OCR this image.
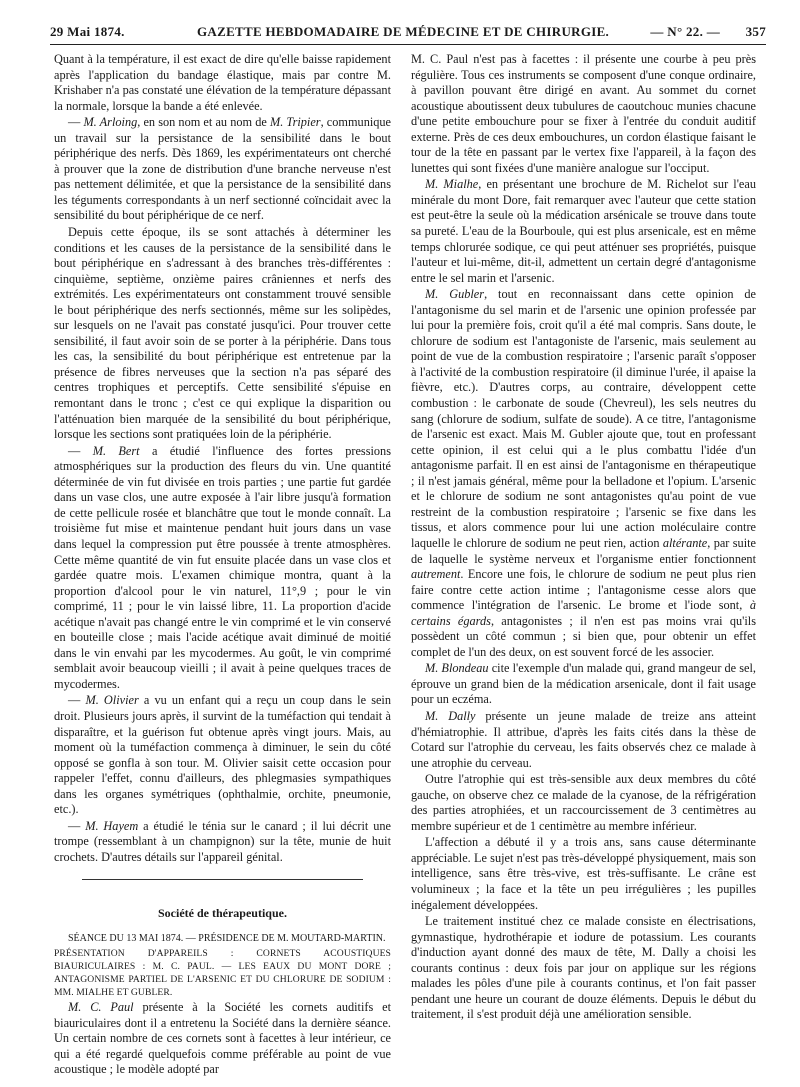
29 Mai 1874.	GAZETTE HEBDOMADAIRE DE MÉDECINE ET DE CHIRURGIE.	— N° 22. — 357

Quant à la température, il est exact de dire qu'elle baisse rapidement après l'application du bandage élastique, mais par contre M. Krishaber n'a pas constaté une élévation de la température dépassant la normale, lorsque la bande a été enlevée.

— M. Arloing, en son nom et au nom de M. Tripier, communique un travail sur la persistance de la sensibilité dans le bout périphérique des nerfs. Dès 1869, les expérimentateurs ont cherché à prouver que la zone de distribution d'une branche nerveuse n'est pas nettement délimitée, et que la persistance de la sensibilité dans les téguments correspondants à un nerf sectionné coïncidait avec la sensibilité du bout périphérique de ce nerf.

Depuis cette époque, ils se sont attachés à déterminer les conditions et les causes de la persistance de la sensibilité dans le bout périphérique en s'adressant à des branches très-différentes : cinquième, septième, onzième paires crâniennes et nerfs des extrémités. Les expérimentateurs ont constamment trouvé sensible le bout périphérique des nerfs sectionnés, même sur les solipèdes, sur lesquels on ne l'avait pas constaté jusqu'ici. Pour trouver cette sensibilité, il faut avoir soin de se porter à la périphérie. Dans tous les cas, la sensibilité du bout périphérique est entretenue par la présence de fibres nerveuses que la section n'a pas séparé des centres trophiques et perceptifs. Cette sensibilité s'épuise en remontant dans le tronc ; c'est ce qui explique la disparition ou l'atténuation bien marquée de la sensibilité du bout périphérique, lorsque les sections sont pratiquées loin de la périphérie.

— M. Bert a étudié l'influence des fortes pressions atmosphériques sur la production des fleurs du vin. Une quantité déterminée de vin fut divisée en trois parties ; une partie fut gardée dans un vase clos, une autre exposée à l'air libre jusqu'à formation de cette pellicule rosée et blanchâtre que tout le monde connaît. La troisième fut mise et maintenue pendant huit jours dans un vase dans lequel la compression put être poussée à trente atmosphères. Cette même quantité de vin fut ensuite placée dans un vase clos et gardée quatre mois. L'examen chimique montra, quant à la proportion d'alcool pour le vin naturel, 11°,9 ; pour le vin comprimé, 11 ; pour le vin laissé libre, 11. La proportion d'acide acétique n'avait pas changé entre le vin comprimé et le vin conservé en bouteille close ; mais l'acide acétique avait diminué de moitié dans le vin envahi par les mycodermes. Au goût, le vin comprimé semblait avoir beaucoup vieilli ; il avait à peine quelques traces de mycodermes.

— M. Olivier a vu un enfant qui a reçu un coup dans le sein droit. Plusieurs jours après, il survint de la tuméfaction qui tendait à disparaître, et la guérison fut obtenue après vingt jours. Mais, au moment où la tuméfaction commença à diminuer, le sein du côté opposé se gonfla à son tour. M. Olivier saisit cette occasion pour rappeler l'effet, connu d'ailleurs, des phlegmasies sympathiques dans les organes symétriques (ophthalmie, orchite, pneumonie, etc.).

— M. Hayem a étudié le ténia sur le canard ; il lui décrit une trompe (ressemblant à un champignon) sur la tête, munie de huit crochets. D'autres détails sur l'appareil génital.

Société de thérapeutique.

SÉANCE DU 13 MAI 1874. — PRÉSIDENCE DE M. MOUTARD-MARTIN.

PRÉSENTATION D'APPAREILS : CORNETS ACOUSTIQUES BIAURICULAIRES : M. C. PAUL. — LES EAUX DU MONT DORE ; ANTAGONISME PARTIEL DE L'ARSENIC ET DU CHLORURE DE SODIUM : MM. MIALHE ET GUBLER.

M. C. Paul présente à la Société les cornets auditifs et biauriculaires dont il a entretenu la Société dans la dernière séance. Un certain nombre de ces cornets sont à facettes à leur intérieur, ce qui a été regardé quelquefois comme préférable au point de vue acoustique ; le modèle adopté par

M. C. Paul n'est pas à facettes : il présente une courbe à peu près régulière. Tous ces instruments se composent d'une conque ordinaire, à pavillon pouvant être dirigé en avant. Au sommet du cornet acoustique aboutissent deux tubulures de caoutchouc munies chacune d'une petite embouchure pour se fixer à l'entrée du conduit auditif externe. Près de ces deux embouchures, un cordon élastique faisant le tour de la tête en passant par le vertex fixe l'appareil, à la façon des lunettes qui sont fixées d'une manière analogue sur l'occiput.

M. Mialhe, en présentant une brochure de M. Richelot sur l'eau minérale du mont Dore, fait remarquer avec l'auteur que cette station est peut-être la seule où la médication arsénicale se trouve dans toute sa pureté. L'eau de la Bourboule, qui est plus arsenicale, est en même temps chlorurée sodique, ce qui peut atténuer ses propriétés, puisque l'auteur et lui-même, dit-il, admettent un certain degré d'antagonisme entre le sel marin et l'arsenic.

M. Gubler, tout en reconnaissant dans cette opinion de l'antagonisme du sel marin et de l'arsenic une opinion professée par lui pour la première fois, croit qu'il a été mal compris. Sans doute, le chlorure de sodium est l'antagoniste de l'arsenic, mais seulement au point de vue de la combustion respiratoire ; l'arsenic paraît s'opposer à l'activité de la combustion respiratoire (il diminue l'urée, il apaise la fièvre, etc.). D'autres corps, au contraire, développent cette combustion : le carbonate de soude (Chevreul), les sels neutres du sang (chlorure de sodium, sulfate de soude). A ce titre, l'antagonisme de l'arsenic est exact. Mais M. Gubler ajoute que, tout en professant cette opinion, il est celui qui a le plus combattu l'idée d'un antagonisme parfait. Il en est ainsi de l'antagonisme en thérapeutique ; il n'est jamais général, même pour la belladone et l'opium. L'arsenic et le chlorure de sodium ne sont antagonistes qu'au point de vue restreint de la combustion respiratoire ; l'arsenic se fixe dans les tissus, et alors commence pour lui une action moléculaire contre laquelle le chlorure de sodium ne peut rien, action altérante, par suite de laquelle le système nerveux et l'organisme entier fonctionnent autrement. Encore une fois, le chlorure de sodium ne peut plus rien faire contre cette action intime ; l'antagonisme cesse alors que commence l'intégration de l'arsenic. Le brome et l'iode sont, à certains égards, antagonistes ; il n'en est pas moins vrai qu'ils possèdent un côté commun ; si bien que, pour obtenir un effet complet de l'un des deux, on est souvent forcé de les associer.

M. Blondeau cite l'exemple d'un malade qui, grand mangeur de sel, éprouve un grand bien de la médication arsenicale, dont il fait usage pour un eczéma.

M. Dally présente un jeune malade de treize ans atteint d'hémiatrophie. Il attribue, d'après les faits cités dans la thèse de Cotard sur l'atrophie du cerveau, les faits observés chez ce malade à une atrophie du cerveau.

Outre l'atrophie qui est très-sensible aux deux membres du côté gauche, on observe chez ce malade de la cyanose, de la réfrigération des parties atrophiées, et un raccourcissement de 3 centimètres au membre supérieur et de 1 centimètre au membre inférieur.

L'affection a débuté il y a trois ans, sans cause déterminante appréciable. Le sujet n'est pas très-développé physiquement, mais son intelligence, sans être très-vive, est très-suffisante. Le crâne est volumineux ; la face et la tête un peu irrégulières ; les pupilles inégalement développées.

Le traitement institué chez ce malade consiste en électrisations, gymnastique, hydrothérapie et iodure de potassium. Les courants d'induction ayant donné des maux de tête, M. Dally a choisi les courants continus : deux fois par jour on applique sur les régions malades les pôles d'une pile à courants continus, et l'on fait passer pendant une heure un courant de douze éléments. Depuis le début du traitement, il s'est produit déjà une amélioration sensible.
